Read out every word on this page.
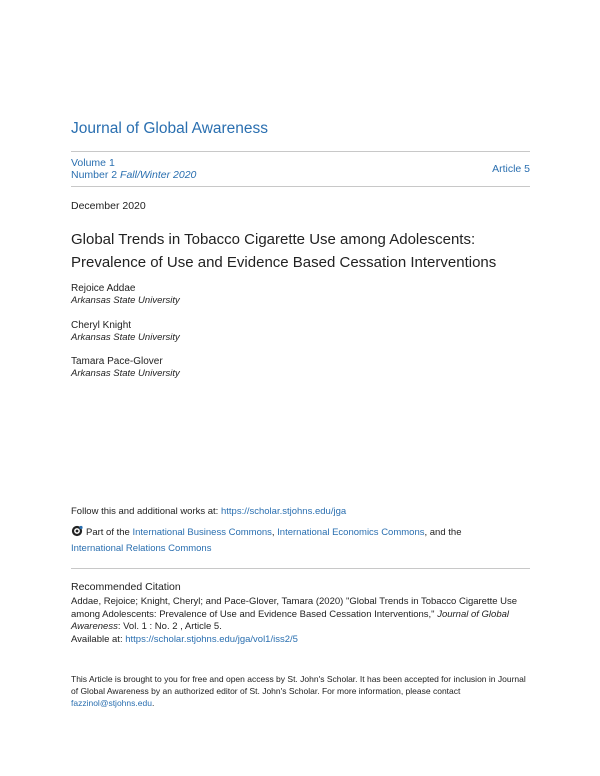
Journal of Global Awareness
Volume 1
Number 2 Fall/Winter 2020	Article 5
December 2020
Global Trends in Tobacco Cigarette Use among Adolescents: Prevalence of Use and Evidence Based Cessation Interventions
Rejoice Addae
Arkansas State University
Cheryl Knight
Arkansas State University
Tamara Pace-Glover
Arkansas State University
Follow this and additional works at: https://scholar.stjohns.edu/jga
Part of the International Business Commons, International Economics Commons, and the
International Relations Commons
Recommended Citation
Addae, Rejoice; Knight, Cheryl; and Pace-Glover, Tamara (2020) "Global Trends in Tobacco Cigarette Use among Adolescents: Prevalence of Use and Evidence Based Cessation Interventions," Journal of Global Awareness: Vol. 1 : No. 2 , Article 5.
Available at: https://scholar.stjohns.edu/jga/vol1/iss2/5
This Article is brought to you for free and open access by St. John's Scholar. It has been accepted for inclusion in Journal of Global Awareness by an authorized editor of St. John's Scholar. For more information, please contact fazzinol@stjohns.edu.
